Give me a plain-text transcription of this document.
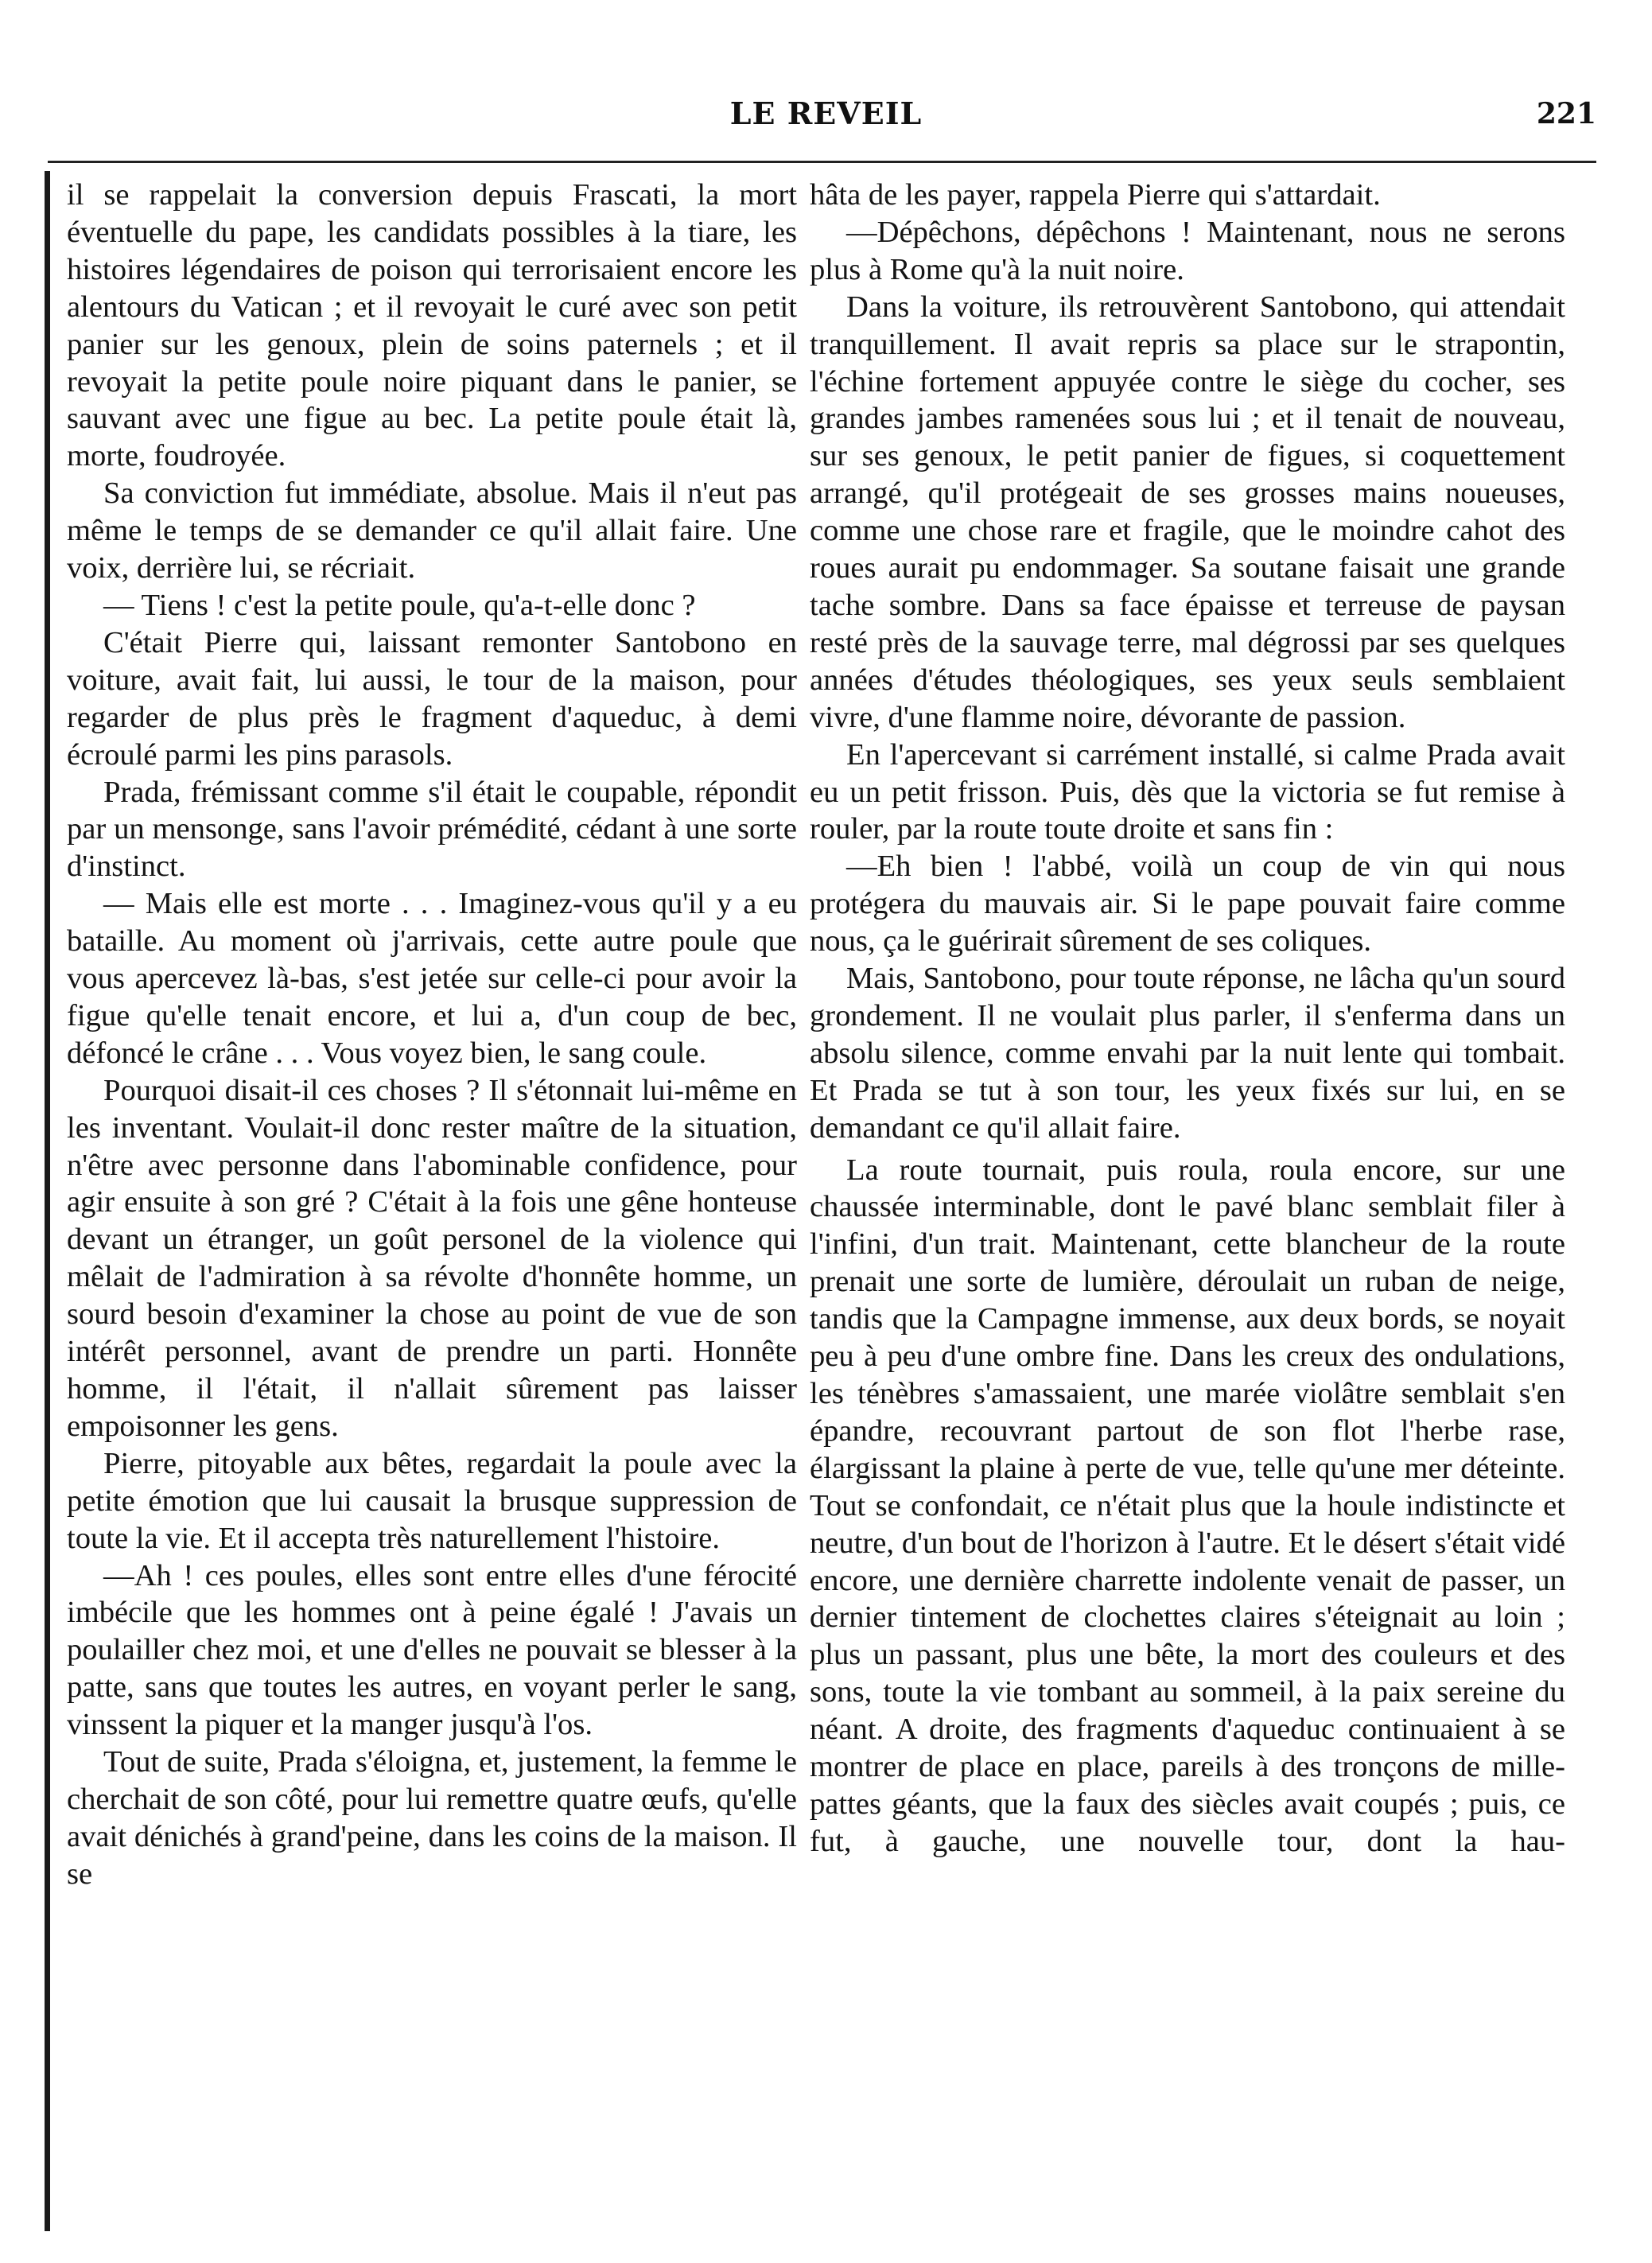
LE REVEIL	221

il se rappelait la conversion depuis Frascati, la mort éventuelle du pape, les candidats possibles à la tiare, les histoires légendaires de poison qui terrorisaient encore les alentours du Vatican ; et il revoyait le curé avec son petit panier sur les genoux, plein de soins paternels ; et il revoyait la petite poule noire piquant dans le panier, se sauvant avec une figue au bec. La petite poule était là, morte, foudroyée.

Sa conviction fut immédiate, absolue. Mais il n'eut pas même le temps de se demander ce qu'il allait faire. Une voix, derrière lui, se récriait.

— Tiens ! c'est la petite poule, qu'a-t-elle donc ?

C'était Pierre qui, laissant remonter Santobono en voiture, avait fait, lui aussi, le tour de la maison, pour regarder de plus près le fragment d'aqueduc, à demi écroulé parmi les pins parasols.

Prada, frémissant comme s'il était le coupable, répondit par un mensonge, sans l'avoir prémédité, cédant à une sorte d'instinct.

— Mais elle est morte . . . Imaginez-vous qu'il y a eu bataille. Au moment où j'arrivais, cette autre poule que vous apercevez là-bas, s'est jetée sur celle-ci pour avoir la figue qu'elle tenait encore, et lui a, d'un coup de bec, défoncé le crâne . . . Vous voyez bien, le sang coule.

Pourquoi disait-il ces choses ? Il s'étonnait lui-même en les inventant. Voulait-il donc rester maître de la situation, n'être avec personne dans l'abominable confidence, pour agir ensuite à son gré ? C'était à la fois une gêne honteuse devant un étranger, un goût personel de la violence qui mêlait de l'admiration à sa révolte d'honnête homme, un sourd besoin d'examiner la chose au point de vue de son intérêt personnel, avant de prendre un parti. Honnête homme, il l'était, il n'allait sûrement pas laisser empoisonner les gens.

Pierre, pitoyable aux bêtes, regardait la poule avec la petite émotion que lui causait la brusque suppression de toute la vie. Et il accepta très naturellement l'histoire.

—Ah ! ces poules, elles sont entre elles d'une férocité imbécile que les hommes ont à peine égalé ! J'avais un poulailler chez moi, et une d'elles ne pouvait se blesser à la patte, sans que toutes les autres, en voyant perler le sang, vinssent la piquer et la manger jusqu'à l'os.

Tout de suite, Prada s'éloigna, et, justement, la femme le cherchait de son côté, pour lui remettre quatre œufs, qu'elle avait dénichés à grand'peine, dans les coins de la maison. Il se

hâta de les payer, rappela Pierre qui s'attardait.

—Dépêchons, dépêchons ! Maintenant, nous ne serons plus à Rome qu'à la nuit noire.

Dans la voiture, ils retrouvèrent Santobono, qui attendait tranquillement. Il avait repris sa place sur le strapontin, l'échine fortement appuyée contre le siège du cocher, ses grandes jambes ramenées sous lui ; et il tenait de nouveau, sur ses genoux, le petit panier de figues, si coquettement arrangé, qu'il protégeait de ses grosses mains noueuses, comme une chose rare et fragile, que le moindre cahot des roues aurait pu endommager. Sa soutane faisait une grande tache sombre. Dans sa face épaisse et terreuse de paysan resté près de la sauvage terre, mal dégrossi par ses quelques années d'études théologiques, ses yeux seuls semblaient vivre, d'une flamme noire, dévorante de passion.

En l'apercevant si carrément installé, si calme Prada avait eu un petit frisson. Puis, dès que la victoria se fut remise à rouler, par la route toute droite et sans fin :

—Eh bien ! l'abbé, voilà un coup de vin qui nous protégera du mauvais air. Si le pape pouvait faire comme nous, ça le guérirait sûrement de ses coliques.

Mais, Santobono, pour toute réponse, ne lâcha qu'un sourd grondement. Il ne voulait plus parler, il s'enferma dans un absolu silence, comme envahi par la nuit lente qui tombait. Et Prada se tut à son tour, les yeux fixés sur lui, en se demandant ce qu'il allait faire.

La route tournait, puis roula, roula encore, sur une chaussée interminable, dont le pavé blanc semblait filer à l'infini, d'un trait. Maintenant, cette blancheur de la route prenait une sorte de lumière, déroulait un ruban de neige, tandis que la Campagne immense, aux deux bords, se noyait peu à peu d'une ombre fine. Dans les creux des ondulations, les ténèbres s'amassaient, une marée violâtre semblait s'en épandre, recouvrant partout de son flot l'herbe rase, élargissant la plaine à perte de vue, telle qu'une mer déteinte. Tout se confondait, ce n'était plus que la houle indistincte et neutre, d'un bout de l'horizon à l'autre. Et le désert s'était vidé encore, une dernière charrette indolente venait de passer, un dernier tintement de clochettes claires s'éteignait au loin ; plus un passant, plus une bête, la mort des couleurs et des sons, toute la vie tombant au sommeil, à la paix sereine du néant. A droite, des fragments d'aqueduc continuaient à se montrer de place en place, pareils à des tronçons de mille-pattes géants, que la faux des siècles avait coupés ; puis, ce fut, à gauche, une nouvelle tour, dont la hau-
